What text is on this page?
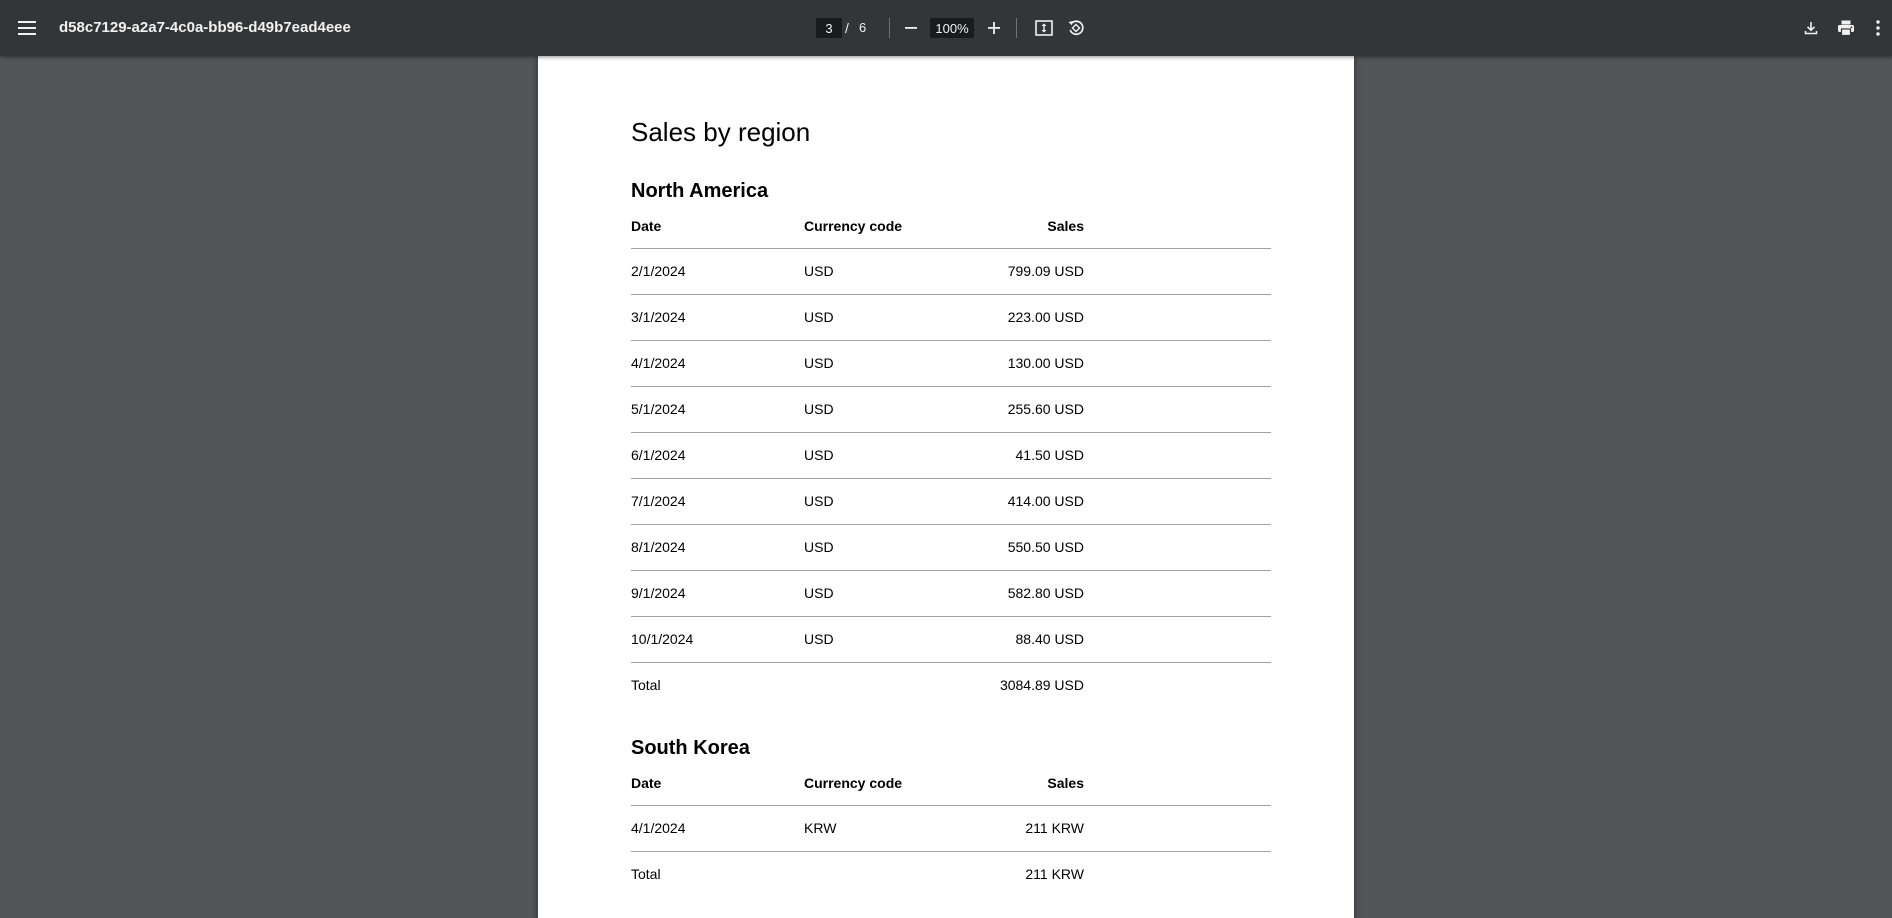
d58c7129-a2a7-4c0a-bb96-d49b7ead4eee
3	/ 6
100%
Sales by region
North America
Date	Currency code	Sales	
2/1/2024	USD	799.09 USD	
3/1/2024	USD	223.00 USD	
4/1/2024	USD	130.00 USD	
5/1/2024	USD	255.60 USD	
6/1/2024	USD	41.50 USD	
7/1/2024	USD	414.00 USD	
8/1/2024	USD	550.50 USD	
9/1/2024	USD	582.80 USD	
10/1/2024	USD	88.40 USD	
Total		3084.89 USD	
South Korea
Date	Currency code	Sales	
4/1/2024	KRW	211 KRW	
Total		211 KRW	
